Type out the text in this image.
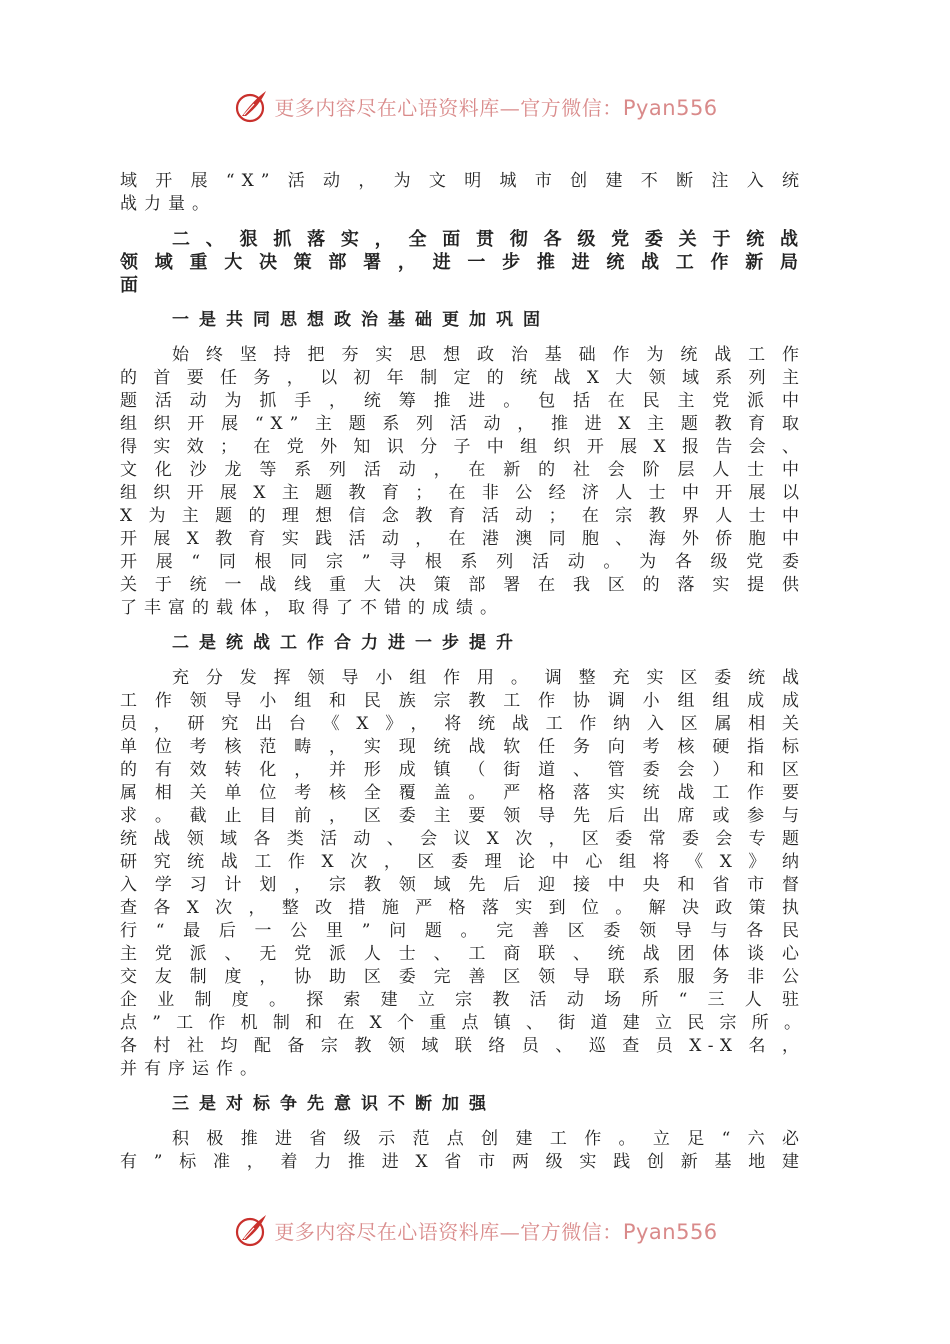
更多内容尽在心语资料库—官方微信：Pyan556
域开展“X”活动，为文明城市创建不断注入统
战力量。
二、狠抓落实，全面贯彻各级党委关于统战
领域重大决策部署，进一步推进统战工作新局
面
一是共同思想政治基础更加巩固
始终坚持把夯实思想政治基础作为统战工作
的首要任务，以初年制定的统战X大领域系列主
题活动为抓手，统筹推进。包括在民主党派中
组织开展“X”主题系列活动，推进X主题教育取
得实效；在党外知识分子中组织开展X报告会、
文化沙龙等系列活动，在新的社会阶层人士中
组织开展X主题教育；在非公经济人士中开展以
X为主题的理想信念教育活动；在宗教界人士中
开展X教育实践活动，在港澳同胞、海外侨胞中
开展“同根同宗”寻根系列活动。为各级党委
关于统一战线重大决策部署在我区的落实提供
了丰富的载体，取得了不错的成绩。
二是统战工作合力进一步提升
充分发挥领导小组作用。调整充实区委统战
工作领导小组和民族宗教工作协调小组组成成
员，研究出台《X》，将统战工作纳入区属相关
单位考核范畴，实现统战软任务向考核硬指标
的有效转化，并形成镇（街道、管委会）和区
属相关单位考核全覆盖。严格落实统战工作要
求。截止目前，区委主要领导先后出席或参与
统战领域各类活动、会议X次，区委常委会专题
研究统战工作X次，区委理论中心组将《X》纳
入学习计划，宗教领域先后迎接中央和省市督
查各X次，整改措施严格落实到位。解决政策执
行“最后一公里”问题。完善区委领导与各民
主党派、无党派人士、工商联、统战团体谈心
交友制度，协助区委完善区领导联系服务非公
企业制度。探索建立宗教活动场所“三人驻
点”工作机制和在X个重点镇、街道建立民宗所。
各村社均配备宗教领域联络员、巡查员X-X名，
并有序运作。
三是对标争先意识不断加强
积极推进省级示范点创建工作。立足“六必
有”标准，着力推进X省市两级实践创新基地建
更多内容尽在心语资料库—官方微信：Pyan556
